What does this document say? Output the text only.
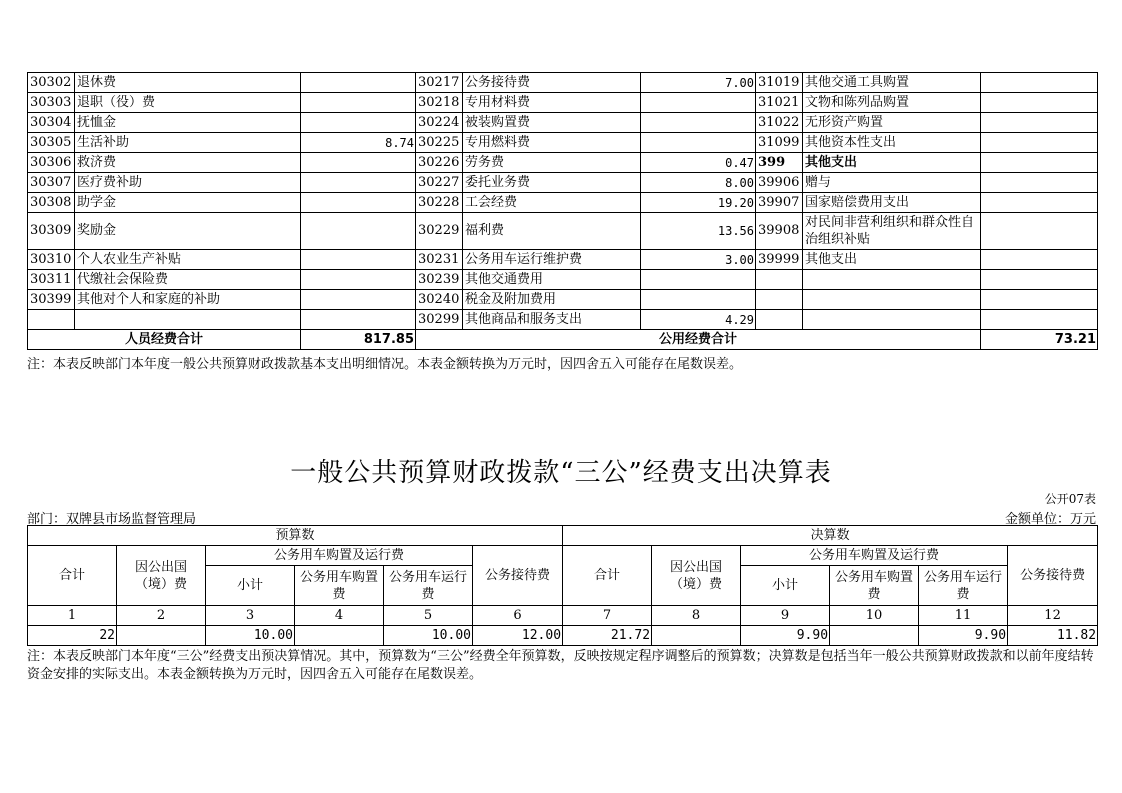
30302	退休费		30217	公务接待费	7.00	31019	其他交通工具购置	
30303	退职（役）费		30218	专用材料费		31021	文物和陈列品购置	
30304	抚恤金		30224	被装购置费		31022	无形资产购置	
30305	生活补助	8.74	30225	专用燃料费		31099	其他资本性支出	
30306	救济费		30226	劳务费	0.47	399	其他支出	
30307	医疗费补助		30227	委托业务费	8.00	39906	赠与	
30308	助学金		30228	工会经费	19.20	39907	国家赔偿费用支出	
30309	奖励金		30229	福利费	13.56	39908	对民间非营利组织和群众性自治组织补贴	
30310	个人农业生产补贴		30231	公务用车运行维护费	3.00	39999	其他支出	
30311	代缴社会保险费		30239	其他交通费用				
30399	其他对个人和家庭的补助		30240	税金及附加费用				
			30299	其他商品和服务支出	4.29			
人员经费合计		817.85	公用经费合计					73.21
注：本表反映部门本年度一般公共预算财政拨款基本支出明细情况。本表金额转换为万元时，因四舍五入可能存在尾数误差。
一般公共预算财政拨款“三公”经费支出决算表
公开07表
部门：双牌县市场监督管理局	金额单位：万元
预算数						决算数					
合计	因公出国（境）费	公务用车购置及运行费			公务接待费	合计	因公出国（境）费	公务用车购置及运行费			公务接待费
		小计	公务用车购置费	公务用车运行费				小计	公务用车购置费	公务用车运行费	
1	2	3	4	5	6	7	8	9	10	11	12
22		10.00		10.00	12.00	21.72		9.90		9.90	11.82
注：本表反映部门本年度“三公”经费支出预决算情况。其中，预算数为“三公”经费全年预算数，反映按规定程序调整后的预算数；决算数是包括当年一般公共预算财政拨款和以前年度结转资金安排的实际支出。本表金额转换为万元时，因四舍五入可能存在尾数误差。
